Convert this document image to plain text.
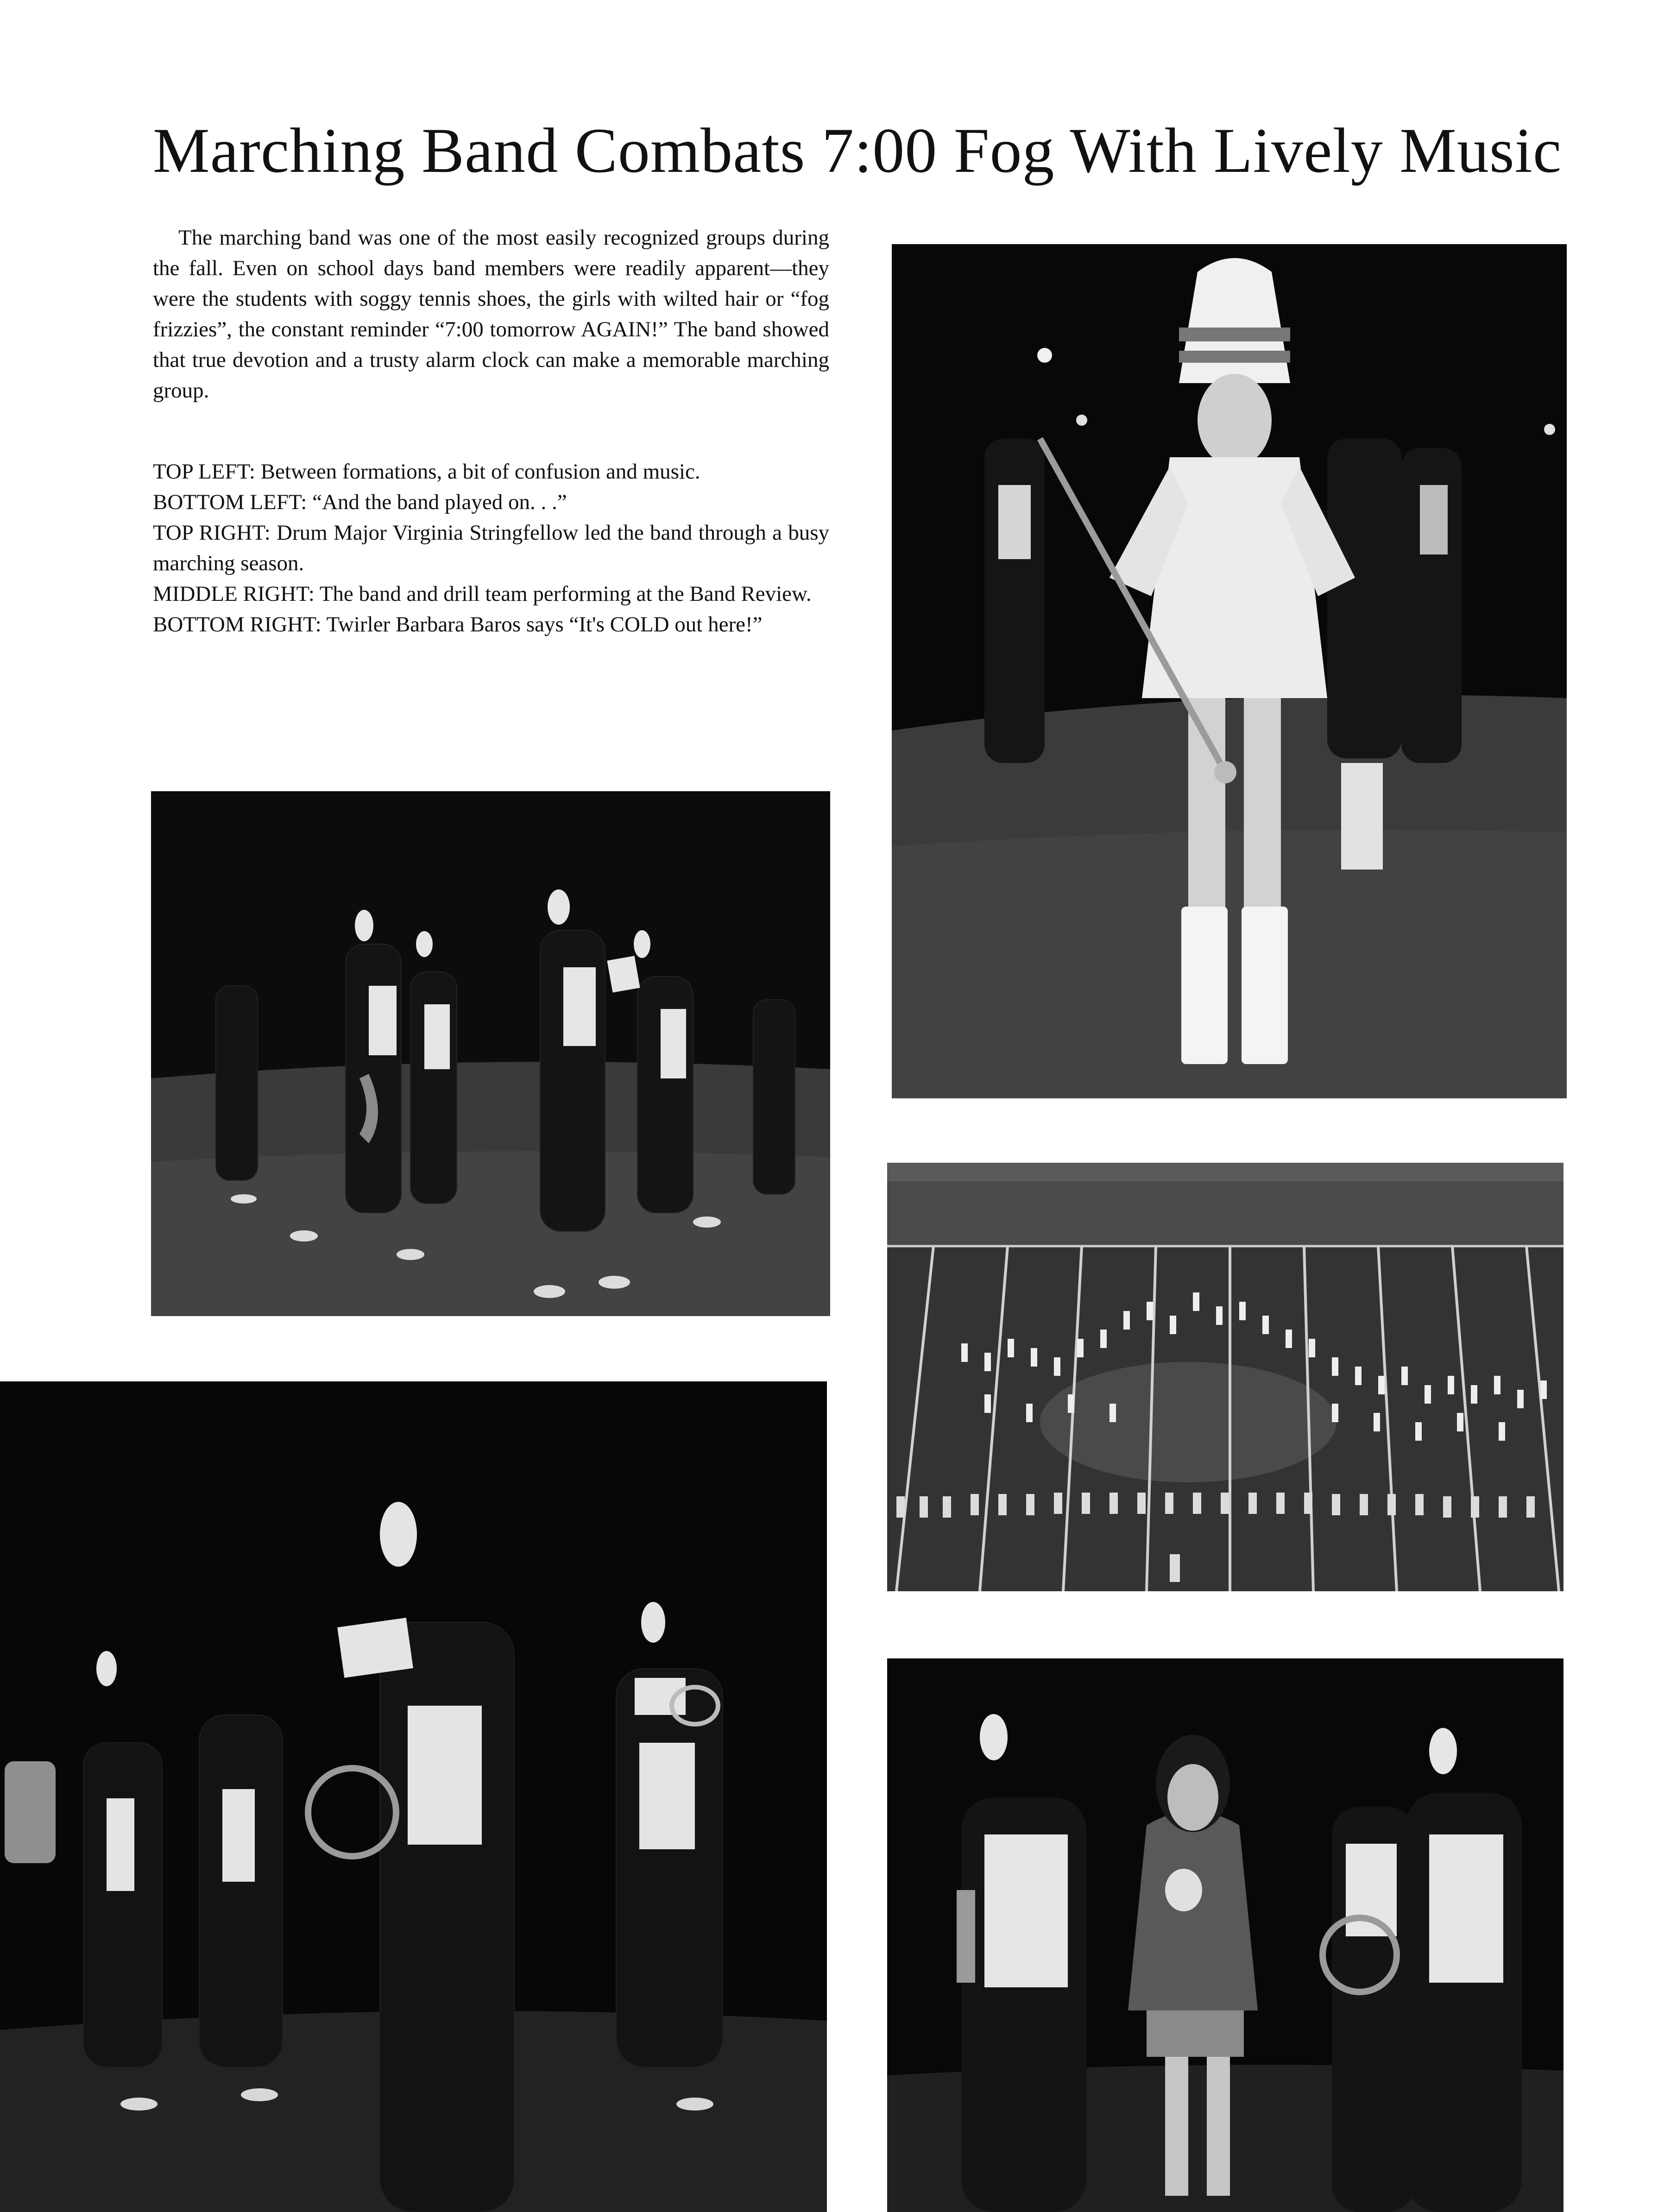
Marching Band Combats 7:00 Fog With Lively Music

The marching band was one of the most easily recognized groups during the fall. Even on school days band members were readily apparent—they were the students with soggy tennis shoes, the girls with wilted hair or “fog frizzies”, the constant reminder “7:00 tomorrow AGAIN!” The band showed that true devotion and a trusty alarm clock can make a memorable marching group.

TOP LEFT: Between formations, a bit of confusion and music.
BOTTOM LEFT: “And the band played on. . .”
TOP RIGHT: Drum Major Virginia Stringfellow led the band through a busy marching season.
MIDDLE RIGHT: The band and drill team performing at the Band Review.
BOTTOM RIGHT: Twirler Barbara Baros says “It's COLD out here!”
